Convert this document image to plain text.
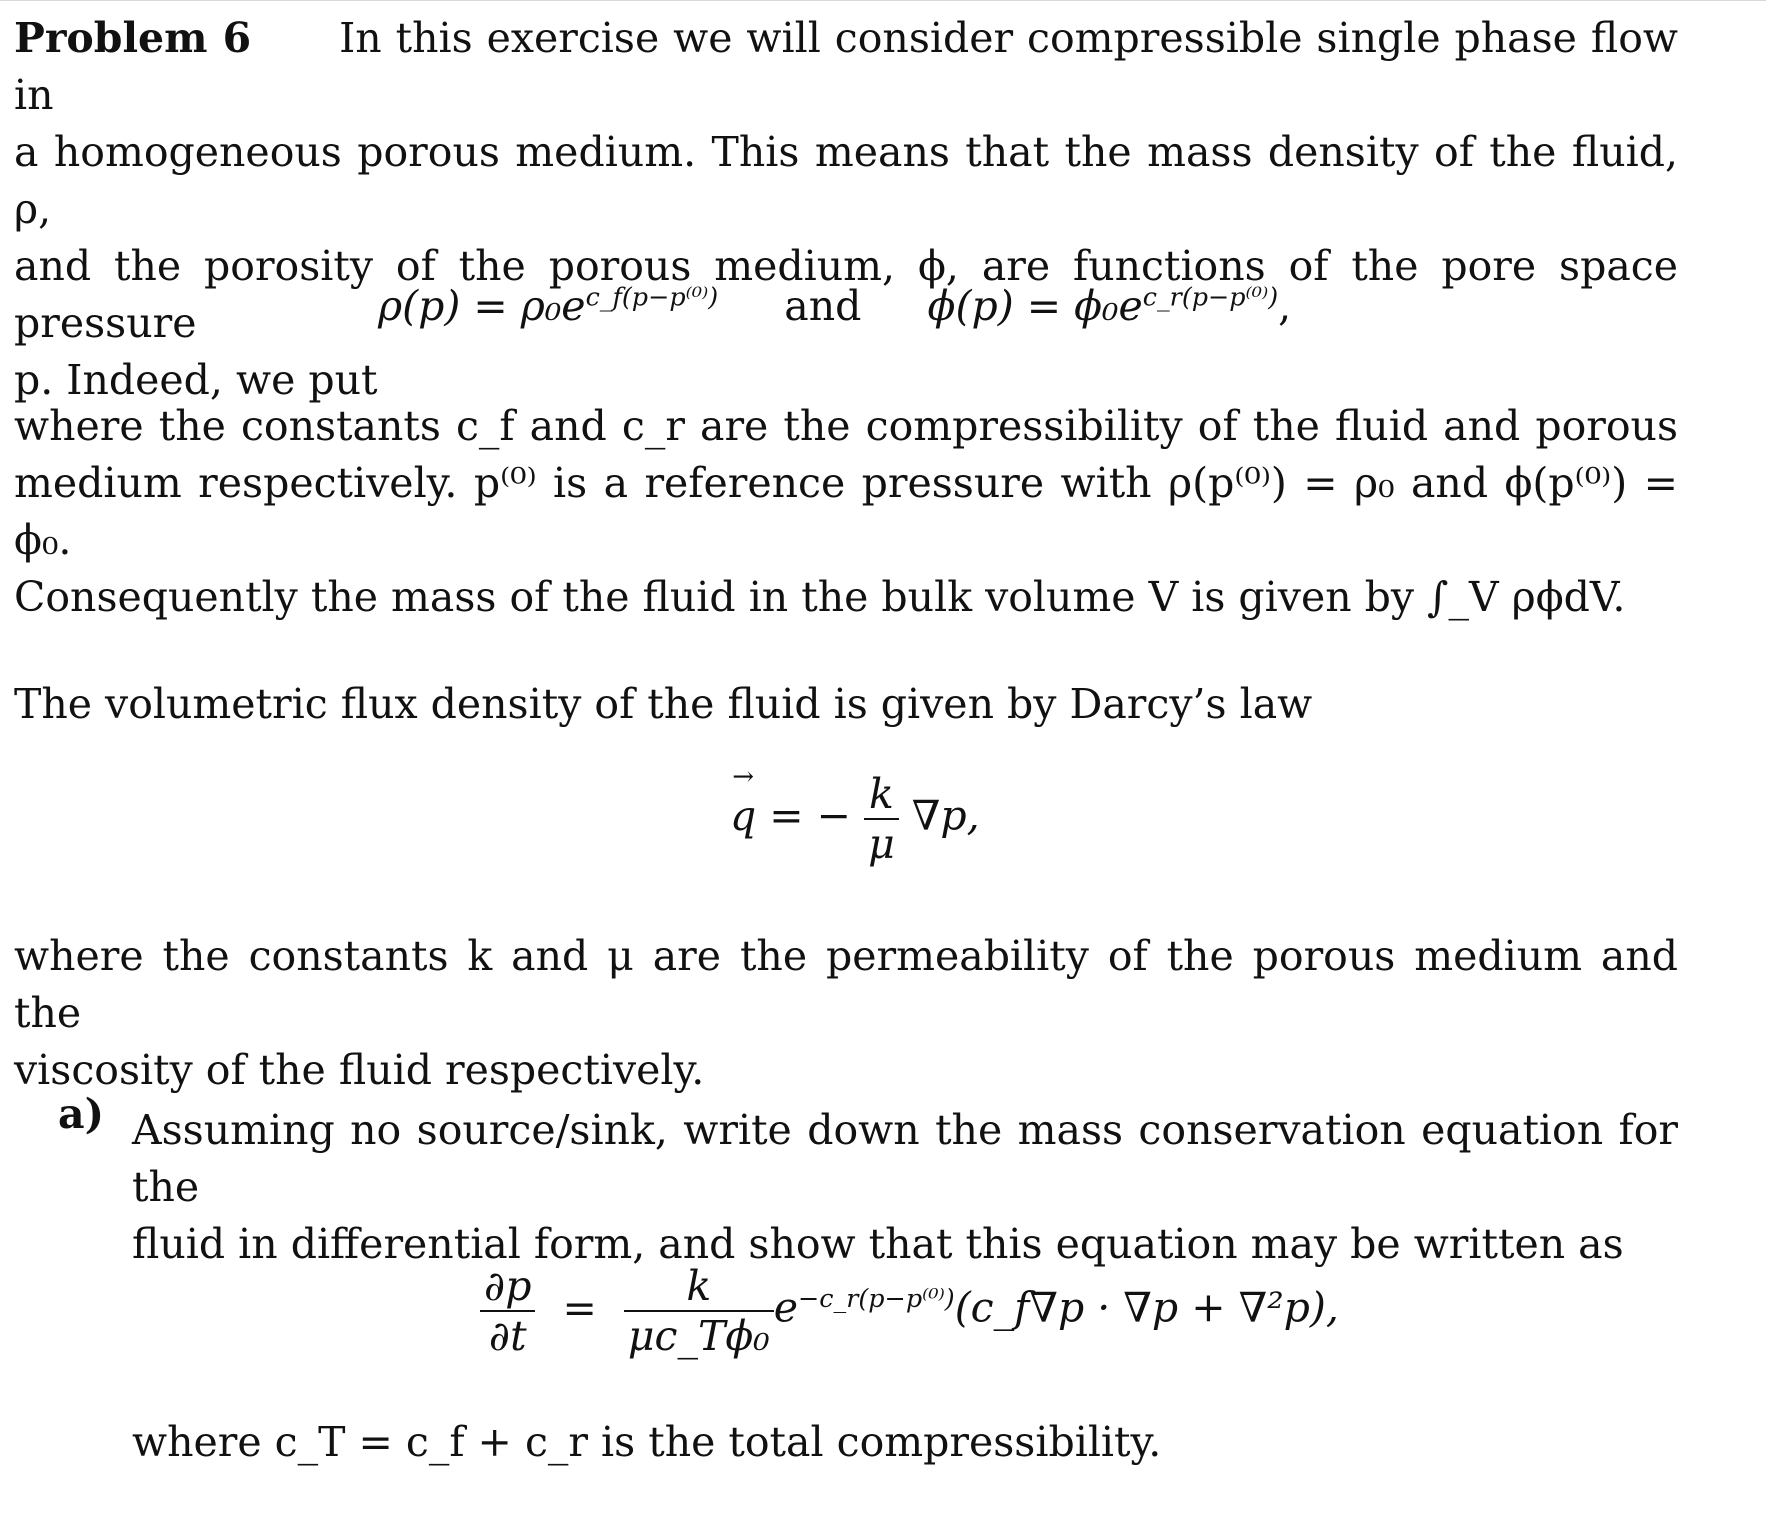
Problem 6 In this exercise we will consider compressible single phase flow in
a homogeneous porous medium. This means that the mass density of the fluid, ρ,
and the porosity of the porous medium, ϕ, are functions of the pore space pressure
p. Indeed, we put
$\rho(p) = \rho_0e^{c\_f(p-p^{(0)})}$ and $\phi(p) = \phi_0e^{c\_r(p-p^{(0)})}$,
where the constants c_f and c_r are the compressibility of the fluid and porous
medium respectively. p⁽⁰⁾ is a reference pressure with ρ(p⁽⁰⁾) = ρ₀ and ϕ(p⁽⁰⁾) = ϕ₀.
Consequently the mass of the fluid in the bulk volume V is given by ∫_V ρϕdV.
The volumetric flux density of the fluid is given by Darcy’s law
→ q = − $\frac{k}{\mu} \nabla p$,
where the constants k and μ are the permeability of the porous medium and the
viscosity of the fluid respectively.
a) Assuming no source/sink, write down the mass conservation equation for the
fluid in differential form, and show that this equation may be written as
$\frac{\partial p}{\partial t} = \frac{k}{\text{μc\_Tϕ₀}}$ $e^{-c\_r(p-p^{(0)})}(c\_f\nabla p \cdot \nabla p + \nabla^2p)$,
where c_T = c_f + c_r is the total compressibility.
